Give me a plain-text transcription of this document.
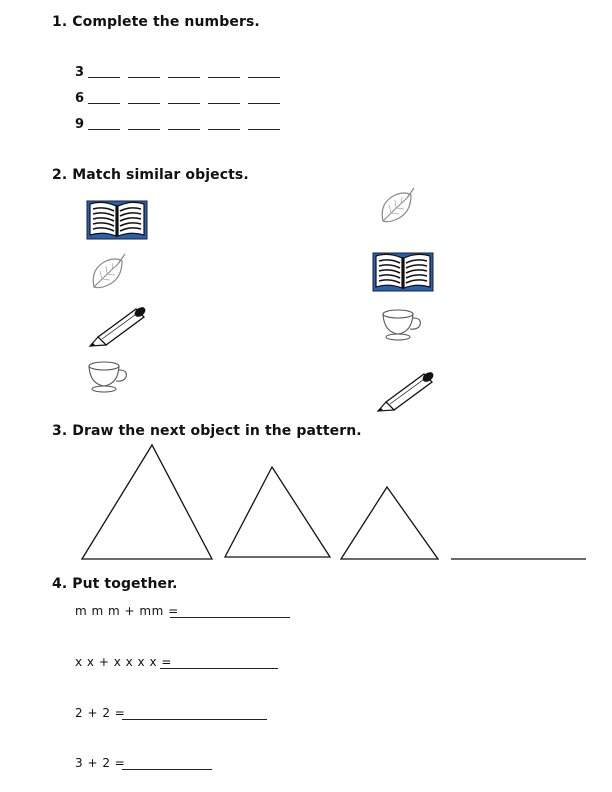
1. Complete the numbers.
3
6
9
2. Match similar objects.
3. Draw the next object in the pattern.
4. Put together.
m m m + mm =
x x + x x x x =
2 + 2 =
3 + 2 =
